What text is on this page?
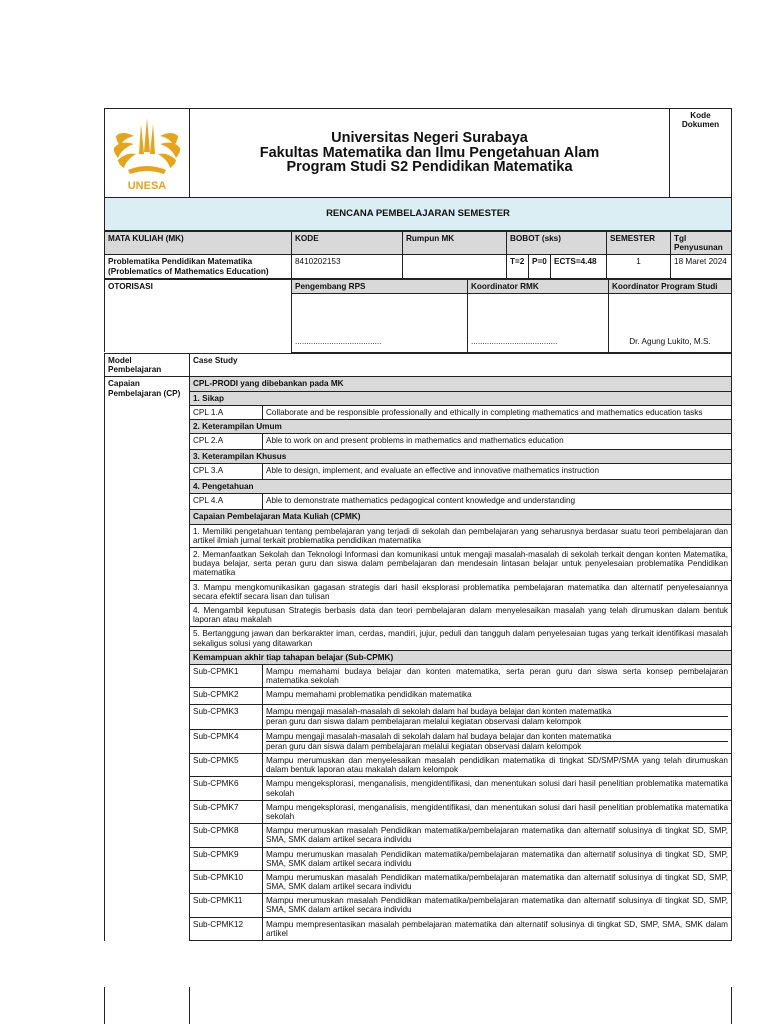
UNESA

Universitas Negeri Surabaya
Fakultas Matematika dan Ilmu Pengetahuan Alam
Program Studi S2 Pendidikan Matematika
	Kode Dokumen
RENCANA PEMBELAJARAN SEMESTER
MATA KULIAH (MK)	KODE	Rumpun MK	BOBOT (sks)			SEMESTER	Tgl Penyusunan
Problematika Pendidikan Matematika (Problematics of Mathematics Education)	8410202153		T=2	P=0	ECTS=4.48	1	18 Maret 2024
OTORISASI	Pengembang RPS	Koordinator RMK	Koordinator Program Studi
	......................................	......................................	Dr. Agung Lukito, M.S.
Model Pembelajaran	Case Study	
Capaian Pembelajaran (CP)	CPL-PRODI yang dibebankan pada MK	
	1. Sikap	
	CPL 1.A	Collaborate and be responsible professionally and ethically in completing mathematics and mathematics education tasks
	2. Keterampilan Umum	
	CPL 2.A	Able to work on and present problems in mathematics and mathematics education
	3. Keterampilan Khusus	
	CPL 3.A	Able to design, implement, and evaluate an effective and innovative mathematics instruction
	4. Pengetahuan	
	CPL 4.A	Able to demonstrate mathematics pedagogical content knowledge and understanding
	Capaian Pembelajaran Mata Kuliah (CPMK)	
	1. Memiliki pengetahuan tentang pembelajaran yang terjadi di sekolah dan pembelajaran yang seharusnya berdasar suatu teori pembelajaran dan artikel ilmiah jurnal terkait problematika pendidikan matematika	
	2. Memanfaatkan Sekolah dan Teknologi Informasi dan komunikasi untuk mengaji masalah-masalah di sekolah terkait dengan konten Matematika, budaya belajar, serta peran guru dan siswa dalam pembelajaran dan mendesain lintasan belajar untuk penyelesaian problematika Pendidikan matematika	
	3. Mampu mengkomunikasikan gagasan strategis dari hasil eksplorasi problematika pembelajaran matematika dan alternatif penyelesaiannya secara efektif secara lisan dan tulisan	
	4. Mengambil keputusan Strategis berbasis data dan teori pembelajaran dalam menyelesaikan masalah yang telah dirumuskan dalam bentuk laporan atau makalah	
	5. Bertanggung jawan dan berkarakter iman, cerdas, mandiri, jujur, peduli dan tangguh dalam penyelesaian tugas yang terkait identifikasi masalah sekaligus solusi yang ditawarkan	
	Kemampuan akhir tiap tahapan belajar (Sub-CPMK)	
	Sub-CPMK1	Mampu memahami budaya belajar dan konten matematika, serta peran guru dan siswa serta konsep pembelajaran matematika sekolah
	Sub-CPMK2	Mampu memahami problematika pendidikan matematika
	Sub-CPMK3	Mampu mengaji masalah-masalah di sekolah dalam hal budaya belajar dan konten matematika
peran guru dan siswa dalam pembelajaran melalui kegiatan observasi dalam kelompok
	Sub-CPMK4	Mampu mengaji masalah-masalah di sekolah dalam hal budaya belajar dan konten matematika
peran guru dan siswa dalam pembelajaran melalui kegiatan observasi dalam kelompok
	Sub-CPMK5	Mampu merumuskan dan menyelesaikan masalah pendidikan matematika di tingkat SD/SMP/SMA yang telah dirumuskan dalam bentuk laporan atau makalah dalam kelompok
	Sub-CPMK6	Mampu mengeksplorasi, menganalisis, mengidentifikasi, dan menentukan solusi dari hasil penelitian problematika matematika sekolah
	Sub-CPMK7	Mampu mengeksplorasi, menganalisis, mengidentifikasi, dan menentukan solusi dari hasil penelitian problematika matematika sekolah
	Sub-CPMK8	Mampu merumuskan masalah Pendidikan matematika/pembelajaran matematika dan alternatif solusinya di tingkat SD, SMP, SMA, SMK dalam artikel secara individu
	Sub-CPMK9	Mampu merumuskan masalah Pendidikan matematika/pembelajaran matematika dan alternatif solusinya di tingkat SD, SMP, SMA, SMK dalam artikel secara individu
	Sub-CPMK10	Mampu merumuskan masalah Pendidikan matematika/pembelajaran matematika dan alternatif solusinya di tingkat SD, SMP, SMA, SMK dalam artikel secara individu
	Sub-CPMK11	Mampu merumuskan masalah Pendidikan matematika/pembelajaran matematika dan alternatif solusinya di tingkat SD, SMP, SMA, SMK dalam artikel secara individu
	Sub-CPMK12	Mampu mempresentasikan masalah pembelajaran matematika dan alternatif solusinya di tingkat SD, SMP, SMA, SMK dalam artikel
